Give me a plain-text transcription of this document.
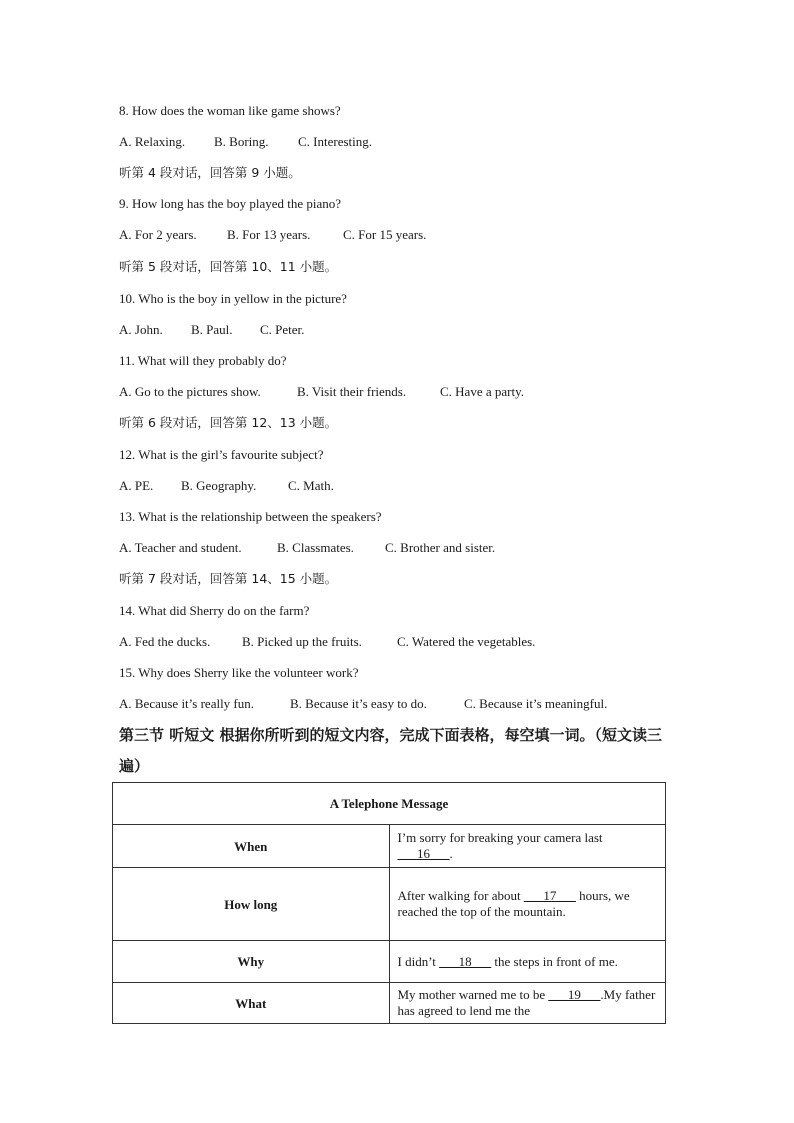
8. How does the woman like game shows?
A. Relaxing. B. Boring. C. Interesting.
听第 4 段对话，回答第 9 小题。
9. How long has the boy played the piano?
A. For 2 years. B. For 13 years.	C. For 15 years.
听第 5 段对话，回答第 10、11 小题。
10. Who is the boy in yellow in the picture?
A. John. B. Paul. C. Peter.
11. What will they probably do?
A. Go to the pictures show.	B. Visit their friends.	C. Have a party.
听第 6 段对话，回答第 12、13 小题。
12. What is the girl’s favourite subject?
A. PE. B. Geography. C. Math.
13. What is the relationship between the speakers?
A. Teacher and student.	B. Classmates. C. Brother and sister.
听第 7 段对话，回答第 14、15 小题。
14. What did Sherry do on the farm?
A. Fed the ducks. B. Picked up the fruits.	C. Watered the vegetables.
15. Why does Sherry like the volunteer work?
A. Because it’s really fun.	B. Because it’s easy to do.	C. Because it’s meaningful.
第三节 听短文 根据你所听到的短文内容，完成下面表格，每空填一词。（短文读三遍）
A Telephone Message	
When	I’m sorry for breaking your camera last ___16___.
How long	After walking for about ___17___ hours, we reached the top of the mountain.
Why	I didn’t ___18___ the steps in front of me.
What	My mother warned me to be ___19___.My father has agreed to lend me the
